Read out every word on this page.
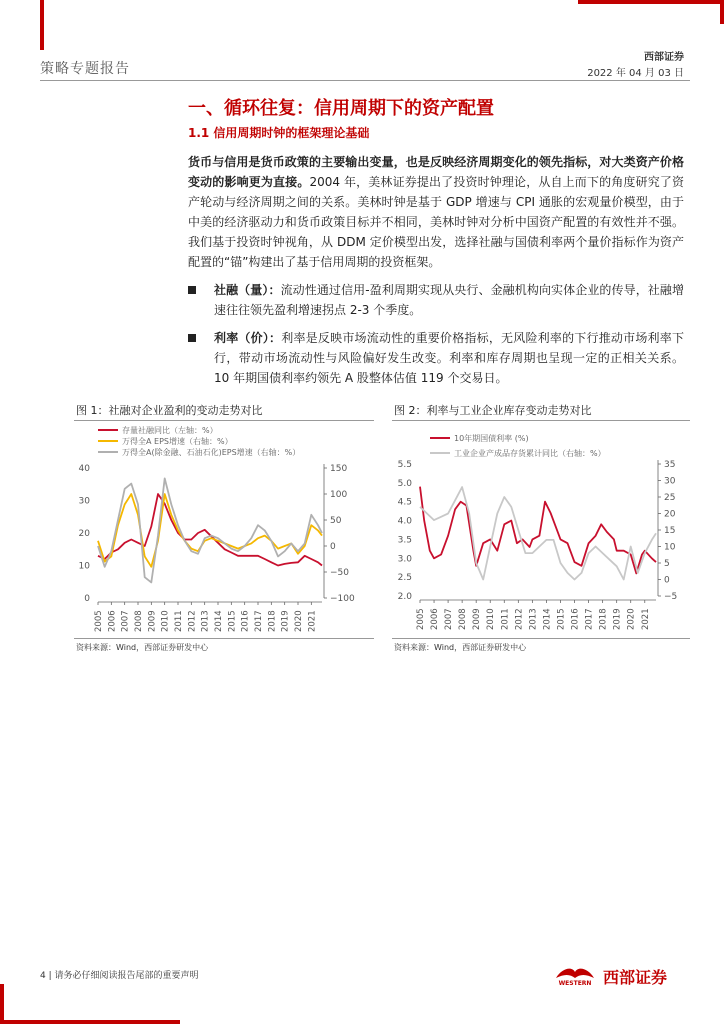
策略专题报告
西部证券
2022 年 04 月 03 日
一、循环往复：信用周期下的资产配置
1.1 信用周期时钟的框架理论基础
货币与信用是货币政策的主要输出变量，也是反映经济周期变化的领先指标，对大类资产价格变动的影响更为直接。2004 年，美林证券提出了投资时钟理论，从自上而下的角度研究了资产轮动与经济周期之间的关系。美林时钟是基于 GDP 增速与 CPI 通胀的宏观量价模型，由于中美的经济驱动力和货币政策目标并不相同，美林时钟对分析中国资产配置的有效性并不强。我们基于投资时钟视角，从 DDM 定价模型出发，选择社融与国债利率两个量价指标作为资产配置的“锚”构建出了基于信用周期的投资框架。
社融（量）：流动性通过信用-盈利周期实现从央行、金融机构向实体企业的传导，社融增速往往领先盈利增速拐点 2-3 个季度。
利率（价）：利率是反映市场流动性的重要价格指标，无风险利率的下行推动市场利率下行，带动市场流动性与风险偏好发生改变。利率和库存周期也呈现一定的正相关关系。10 年期国债利率约领先 A 股整体估值 119 个交易日。
图 1：社融对企业盈利的变动走势对比
存量社融同比（左轴：%）
万得全A EPS增速（右轴：%）
万得全A(除金融、石油石化)EPS增速（右轴：%）
0
10
20
30
40
−100
−50
0
50
100
150
2005 2006 2007 2008 2009 2010 2011 2012 2013 2014 2015 2016 2017 2018 2019 2020 2021
资料来源：Wind，西部证券研发中心
图 2：利率与工业企业库存变动走势对比
10年期国债利率 (%)
工业企业产成品存货累计同比（右轴：%）
2.0
2.5
3.0
3.5
4.0
4.5
5.0
5.5
−5
0
5
10
15
20
25
30
35
2005 2006 2007 2008 2009 2010 2011 2012 2013 2014 2015 2016 2017 2018 2019 2020 2021
资料来源：Wind，西部证券研发中心
4 | 请务必仔细阅读报告尾部的重要声明
WESTERN 西部证券
